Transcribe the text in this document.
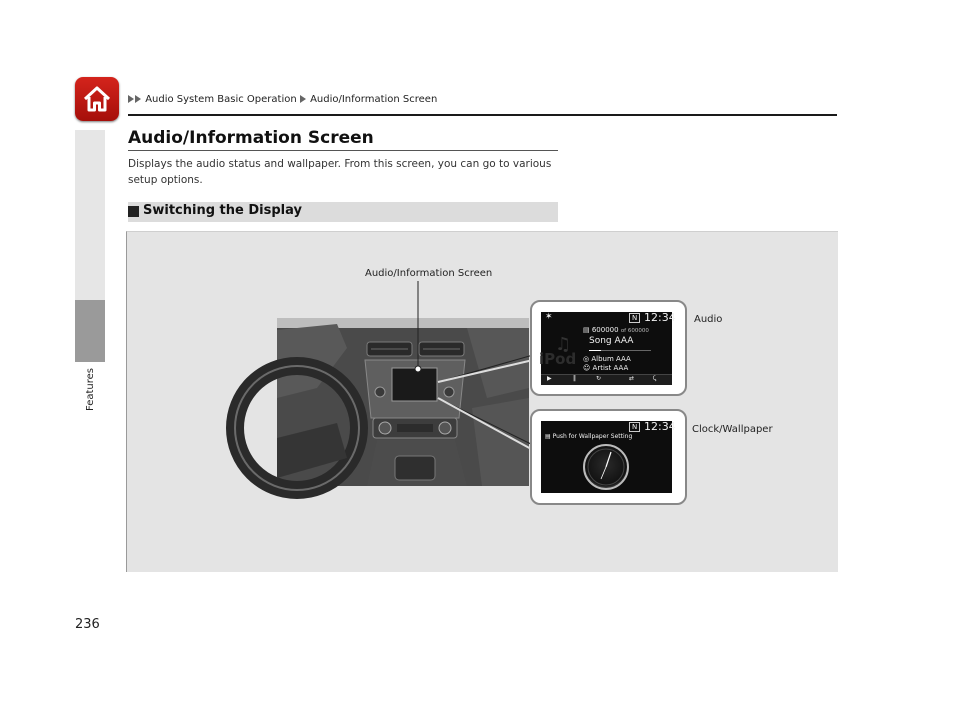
Audio System Basic Operation Audio/Information Screen
Features
Audio/Information Screen
Displays the audio status and wallpaper. From this screen, you can go to various setup options.
Switching the Display
Audio/Information Screen
Audio
Clock/Wallpaper
✶	N 12:34
iPod
♫
▤ 600000 of 600000
Song AAA
◎ Album AAA
☺ Artist AAA
▶	‖	↻	⇄	⤹
N 12:34
▤ Push for Wallpaper Setting
236
